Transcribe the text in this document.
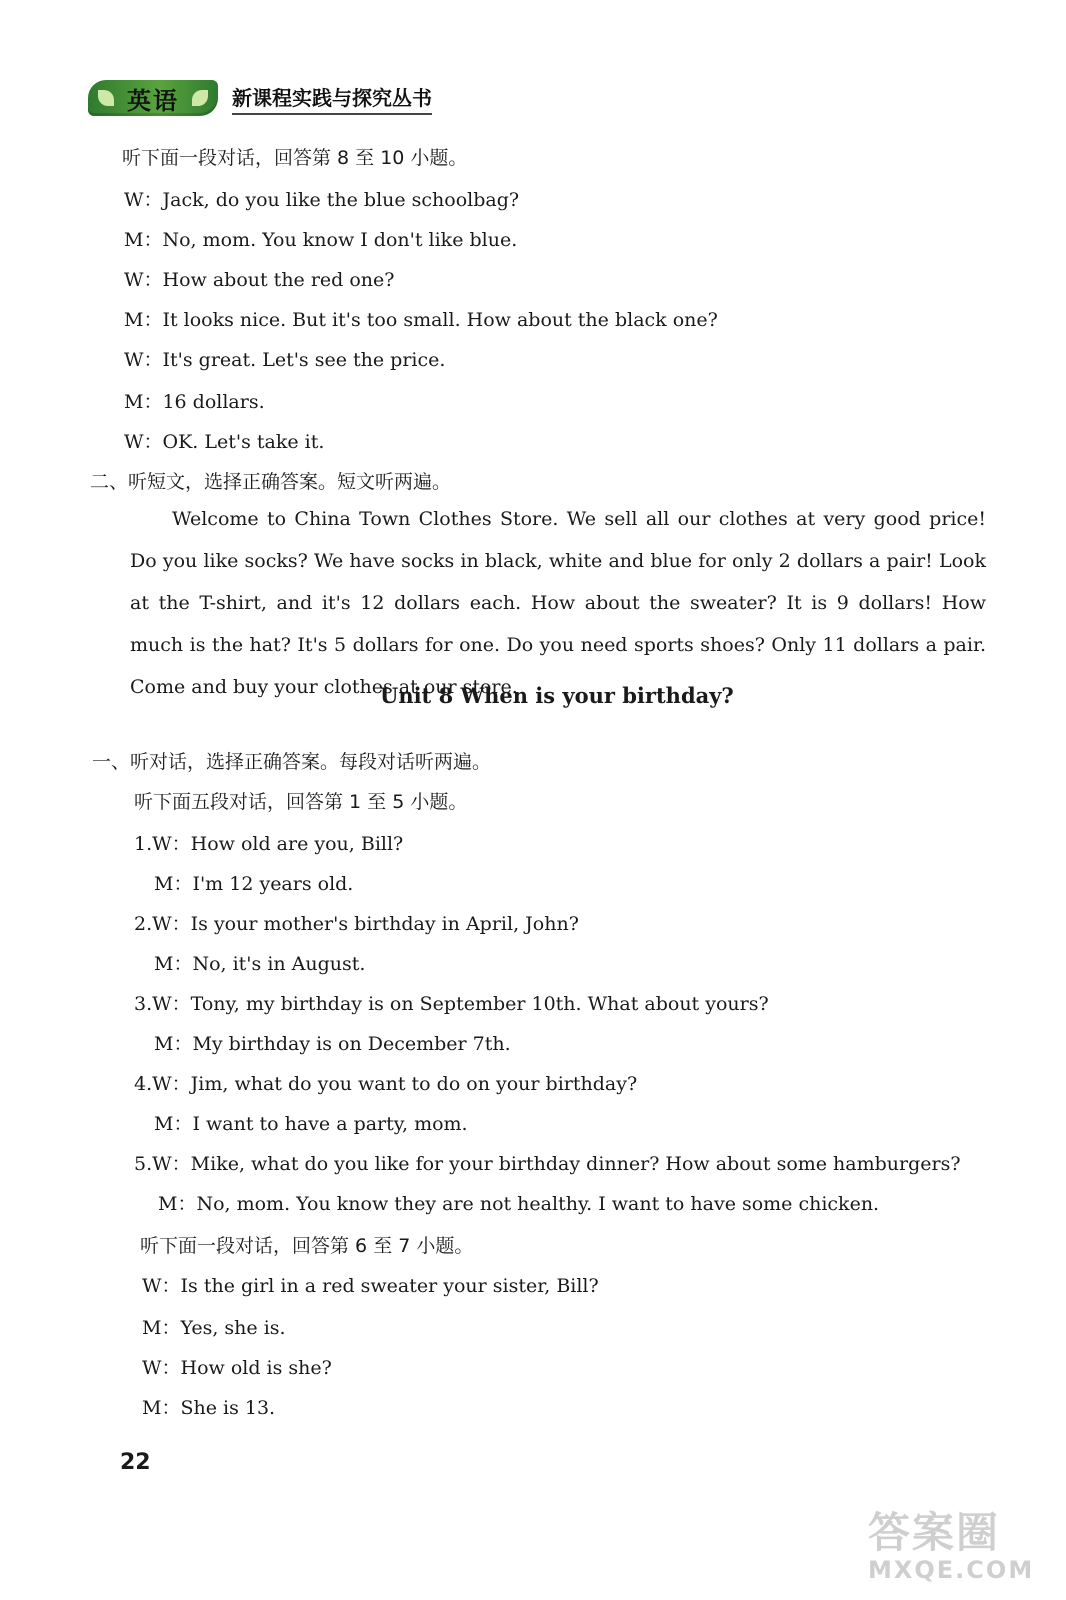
英语	新课程实践与探究丛书
听下面一段对话，回答第 8 至 10 小题。
W：Jack, do you like the blue schoolbag?
M：No, mom. You know I don't like blue.
W：How about the red one?
M：It looks nice. But it's too small. How about the black one?
W：It's great. Let's see the price.
M：16 dollars.
W：OK. Let's take it.
二、听短文，选择正确答案。短文听两遍。
Welcome to China Town Clothes Store. We sell all our clothes at very good price! Do you like socks? We have socks in black, white and blue for only 2 dollars a pair! Look at the T-shirt, and it's 12 dollars each. How about the sweater? It is 9 dollars! How much is the hat? It's 5 dollars for one. Do you need sports shoes? Only 11 dollars a pair. Come and buy your clothes at our store.
Unit 8 When is your birthday?
一、听对话，选择正确答案。每段对话听两遍。
听下面五段对话，回答第 1 至 5 小题。
1.W：How old are you, Bill?
M：I'm 12 years old.
2.W：Is your mother's birthday in April, John?
M：No, it's in August.
3.W：Tony, my birthday is on September 10th. What about yours?
M：My birthday is on December 7th.
4.W：Jim, what do you want to do on your birthday?
M：I want to have a party, mom.
5.W：Mike, what do you like for your birthday dinner? How about some hamburgers?
M：No, mom. You know they are not healthy. I want to have some chicken.
听下面一段对话，回答第 6 至 7 小题。
W：Is the girl in a red sweater your sister, Bill?
M：Yes, she is.
W：How old is she?
M：She is 13.
22
答案圈
MXQE.COM
